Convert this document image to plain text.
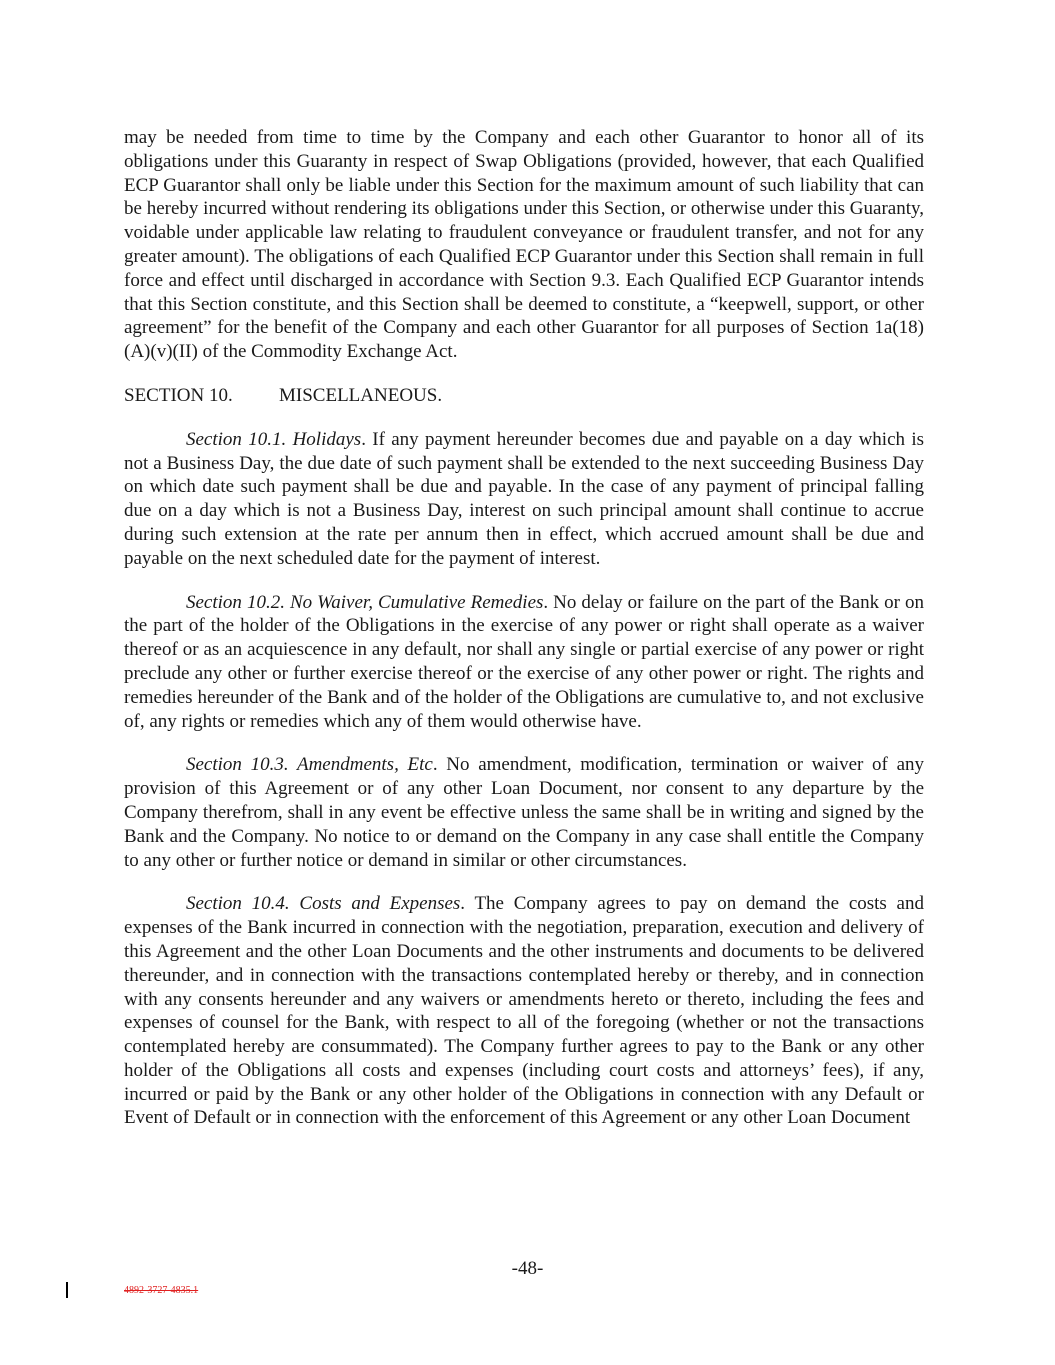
may be needed from time to time by the Company and each other Guarantor to honor all of its obligations under this Guaranty in respect of Swap Obligations (provided, however, that each Qualified ECP Guarantor shall only be liable under this Section for the maximum amount of such liability that can be hereby incurred without rendering its obligations under this Section, or otherwise under this Guaranty, voidable under applicable law relating to fraudulent conveyance or fraudulent transfer, and not for any greater amount). The obligations of each Qualified ECP Guarantor under this Section shall remain in full force and effect until discharged in accordance with Section 9.3. Each Qualified ECP Guarantor intends that this Section constitute, and this Section shall be deemed to constitute, a “keepwell, support, or other agreement” for the benefit of the Company and each other Guarantor for all purposes of Section 1a(18)(A)(v)(II) of the Commodity Exchange Act.

SECTION 10. MISCELLANEOUS.

Section 10.1. Holidays. If any payment hereunder becomes due and payable on a day which is not a Business Day, the due date of such payment shall be extended to the next succeeding Business Day on which date such payment shall be due and payable. In the case of any payment of principal falling due on a day which is not a Business Day, interest on such principal amount shall continue to accrue during such extension at the rate per annum then in effect, which accrued amount shall be due and payable on the next scheduled date for the payment of interest.

Section 10.2. No Waiver, Cumulative Remedies. No delay or failure on the part of the Bank or on the part of the holder of the Obligations in the exercise of any power or right shall operate as a waiver thereof or as an acquiescence in any default, nor shall any single or partial exercise of any power or right preclude any other or further exercise thereof or the exercise of any other power or right. The rights and remedies hereunder of the Bank and of the holder of the Obligations are cumulative to, and not exclusive of, any rights or remedies which any of them would otherwise have.

Section 10.3. Amendments, Etc. No amendment, modification, termination or waiver of any provision of this Agreement or of any other Loan Document, nor consent to any departure by the Company therefrom, shall in any event be effective unless the same shall be in writing and signed by the Bank and the Company. No notice to or demand on the Company in any case shall entitle the Company to any other or further notice or demand in similar or other circumstances.

Section 10.4. Costs and Expenses. The Company agrees to pay on demand the costs and expenses of the Bank incurred in connection with the negotiation, preparation, execution and delivery of this Agreement and the other Loan Documents and the other instruments and documents to be delivered thereunder, and in connection with the transactions contemplated hereby or thereby, and in connection with any consents hereunder and any waivers or amendments hereto or thereto, including the fees and expenses of counsel for the Bank, with respect to all of the foregoing (whether or not the transactions contemplated hereby are consummated). The Company further agrees to pay to the Bank or any other holder of the Obligations all costs and expenses (including court costs and attorneys’ fees), if any, incurred or paid by the Bank or any other holder of the Obligations in connection with any Default or Event of Default or in connection with the enforcement of this Agreement or any other Loan Document

-48-
4892-3727-4835.1
